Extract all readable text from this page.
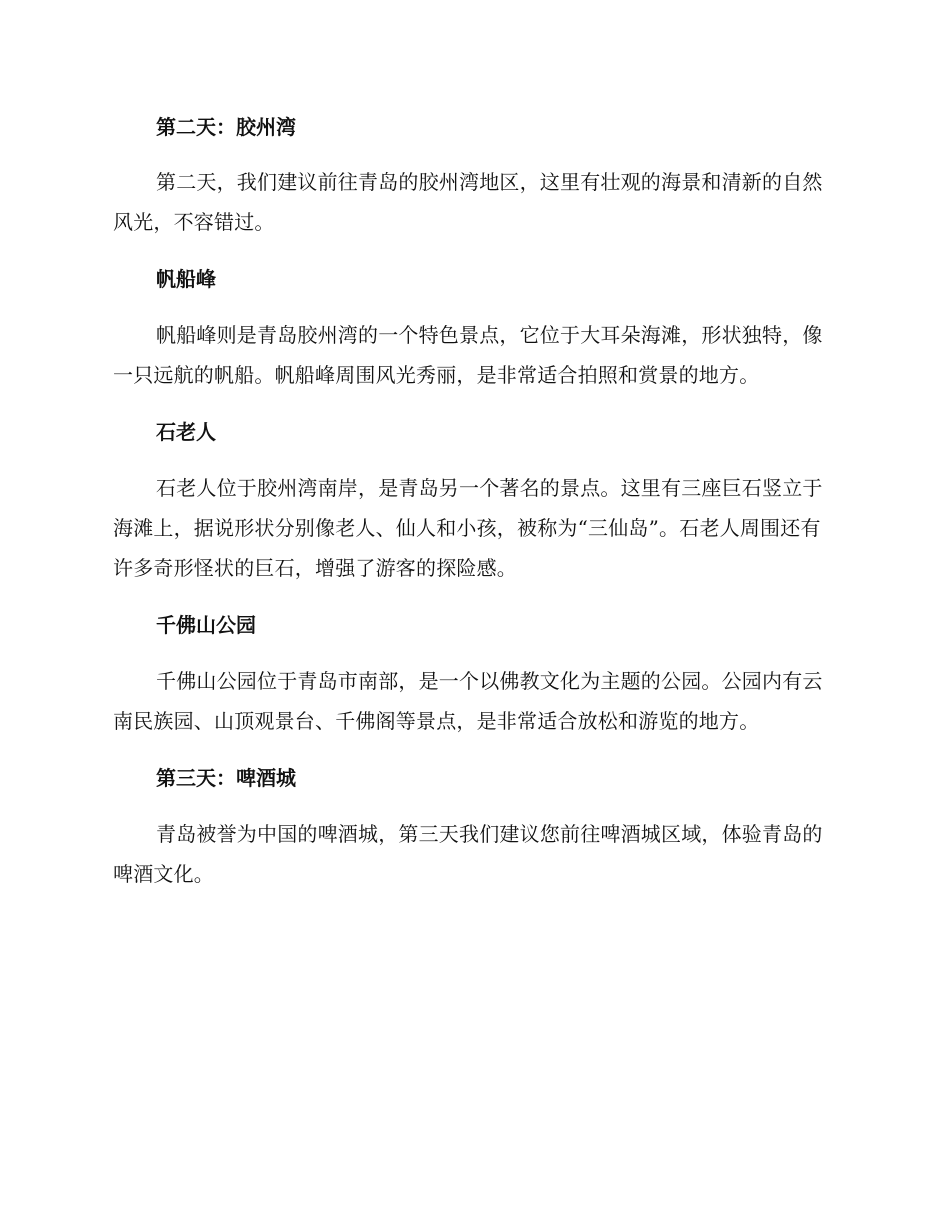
第二天：胶州湾

第二天，我们建议前往青岛的胶州湾地区，这里有壮观的海景和清新的自然风光，不容错过。

帆船峰

帆船峰则是青岛胶州湾的一个特色景点，它位于大耳朵海滩，形状独特，像一只远航的帆船。帆船峰周围风光秀丽，是非常适合拍照和赏景的地方。

石老人

石老人位于胶州湾南岸，是青岛另一个著名的景点。这里有三座巨石竖立于海滩上，据说形状分别像老人、仙人和小孩，被称为“三仙岛”。石老人周围还有许多奇形怪状的巨石，增强了游客的探险感。

千佛山公园

千佛山公园位于青岛市南部，是一个以佛教文化为主题的公园。公园内有云南民族园、山顶观景台、千佛阁等景点，是非常适合放松和游览的地方。

第三天：啤酒城

青岛被誉为中国的啤酒城，第三天我们建议您前往啤酒城区域，体验青岛的啤酒文化。
